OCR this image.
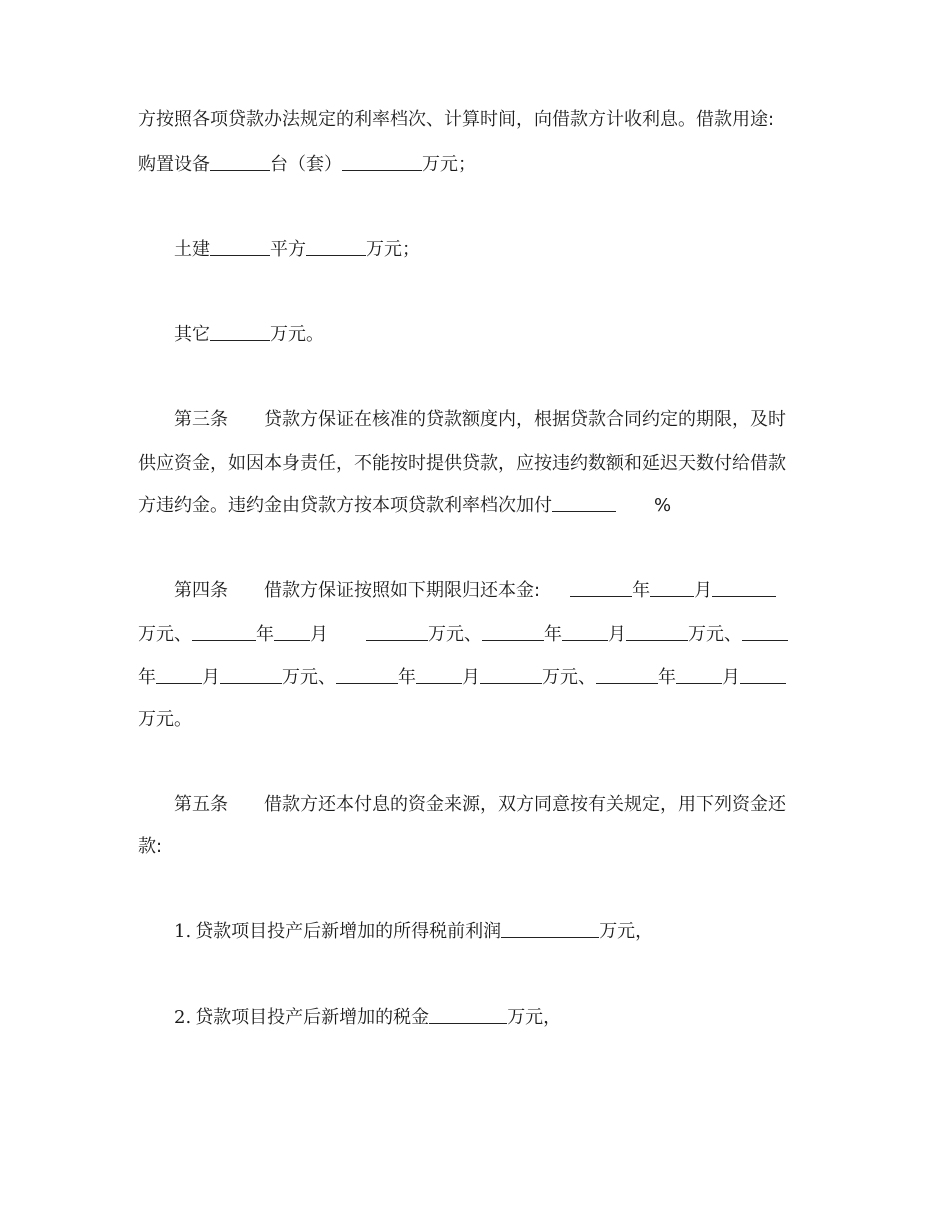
方按照各项贷款办法规定的利率档次、计算时间，向借款方计收利息。借款用途:
购置设备	台（套）	万元；
土建	平方	万元；
其它	万元。
第三条 贷款方保证在核准的贷款额度内，根据贷款合同约定的期限，及时
供应资金，如因本身责任，不能按时提供贷款，应按违约数额和延迟天数付给借款
方违约金。违约金由贷款方按本项贷款利率档次加付	%
第四条 借款方保证按照如下期限归还本金:	年 月
万元、	年 月	万元、	年	月	万元、
年	月	万元、	年	月	万元、	年	月
万元。
第五条 借款方还本付息的资金来源，双方同意按有关规定，用下列资金还
款:
1. 贷款项目投产后新增加的所得税前利润	万元，
2. 贷款项目投产后新增加的税金	万元，
